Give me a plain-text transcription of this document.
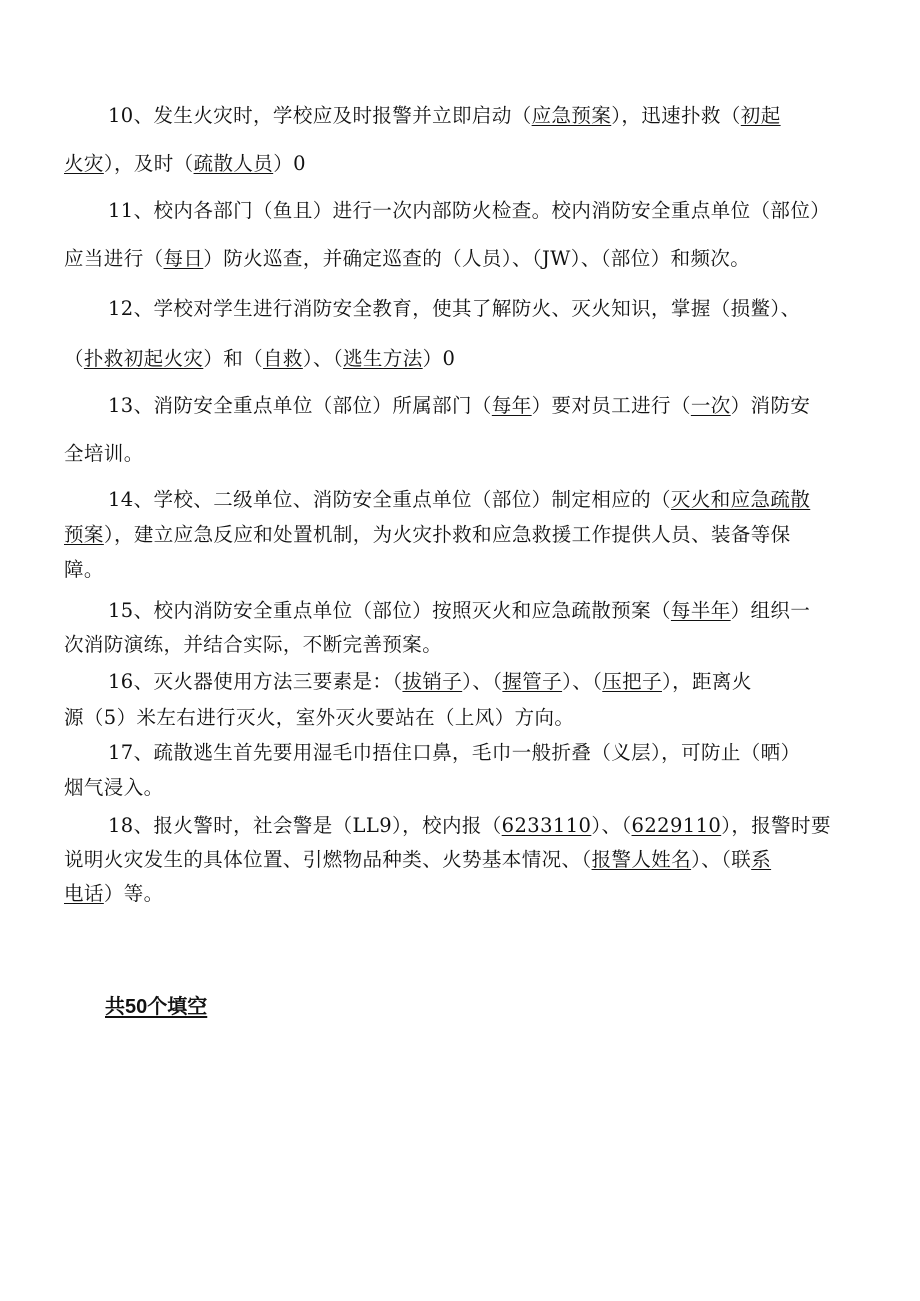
10、发生火灾时，学校应及时报警并立即启动（应急预案），迅速扑救（初起
火灾），及时（疏散人员）0
11、校内各部门（鱼且）进行一次内部防火检查。校内消防安全重点单位（部位）
应当进行（每日）防火巡查，并确定巡查的（人员）、（JW）、（部位）和频次。
12、学校对学生进行消防安全教育，使其了解防火、灭火知识，掌握（损鳖）、
（扑救初起火灾）和（自救）、（逃生方法）0
13、消防安全重点单位（部位）所属部门（每年）要对员工进行（一次）消防安
全培训。
14、学校、二级单位、消防安全重点单位（部位）制定相应的（灭火和应急疏散
预案），建立应急反应和处置机制，为火灾扑救和应急救援工作提供人员、装备等保
障。
15、校内消防安全重点单位（部位）按照灭火和应急疏散预案（每半年）组织一
次消防演练，并结合实际，不断完善预案。
16、灭火器使用方法三要素是：（拔销子）、（握管子）、（压把子），距离火
源（5）米左右进行灭火，室外灭火要站在（上风）方向。
17、疏散逃生首先要用湿毛巾捂住口鼻，毛巾一般折叠（义层），可防止（晒）
烟气浸入。
18、报火警时，社会警是（LL9），校内报（6233110）、（6229110），报警时要
说明火灾发生的具体位置、引燃物品种类、火势基本情况、（报警人姓名）、（联系
电话）等。
共50个填空
